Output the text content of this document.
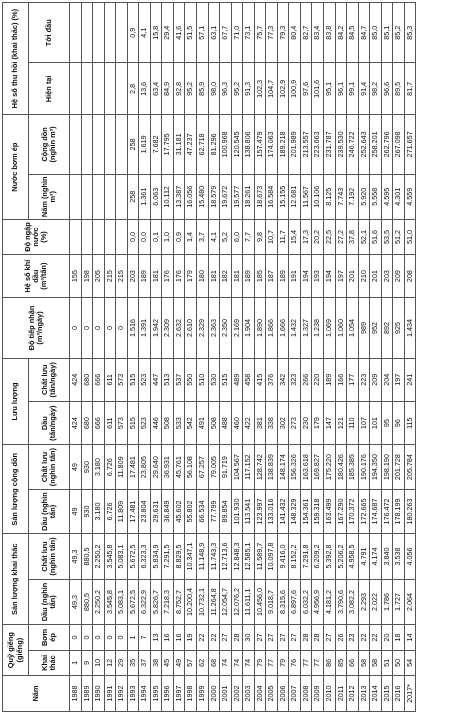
Năm	Quỹ giếng (giếng)		Sản lượng khai thác		Sản lượng cộng dồn		Lưu lượng		Độ tiếp nhận (m³/ngày)	Hệ số khí dầu (m³/tấn)	Độ ngập nước (%)	Nước bơm ép		Hệ số thu hồi (khai thác) (%)	
														Hiện tại	Tới đầu
	Khai thác	Bơm ép	Dầu (nghìn tấn)	Chất lưu (nghìn tấn)	Dầu (nghìn tấn)	Chất lưu (nghìn tấn)	Dầu (tấn/ngày)	Chất lưu (tấn/ngày)				Năm (nghìn m³)	Cộng dồn (nghìn m³)		
1988	1	0	49,3	49,3	49	49	424	424	0	155					
1989	9	0	880,5	880,5	930	930	680	680	0	198					
1990	10	0	2.250,2	2.250,2	3.180	3.180	666	666	0	205					
1991	12	0	3.545,8	3.545,8	6.726	6.726	611	611	0	215					
1992	29	0	5.083,1	5.083,1	11.809	11.809	573	573	0	215					
1993	35	1	5.672,5	5.672,5	17.481	17.481	515	515	1.516	203	0,0	258	258	2,8	0,9
1994	37	7	6.322,9	6.323,3	23.804	23.805	523	523	1.391	189	0,0	1.361	1.619	13,6	4,1
1995	38	13	5.826,7	5.834,9	29.631	29.640	446	447	1.942	181	0,1	6.063	7.682	63,4	15,8
1996	45	16	7.218,3	7.291,5	36.849	36.931	508	513	2.309	176	1,0	10.112	17.795	84,9	29,4
1997	49	16	8.752,7	8.829,5	45.602	45.761	533	537	2.632	176	0,9	13.387	31.181	92,8	41,6
1998	57	19	10.200,4	10.347,1	55.802	56.108	542	550	2.610	179	1,4	16.056	47.237	95,2	51,5
1999	62	22	10.732,1	11.148,9	66.534	67.257	491	510	2.329	180	3,7	15.480	62.718	85,9	57,1
2000	68	22	11.264,8	11.743,3	77.799	79.005	508	530	2.363	181	4,1	18.579	81.296	98,0	63,1
2001	74	27	12.054,7	12.713,6	89.854	91.719	488	515	2.350	182	5,2	19.672	100.968	96,3	67,7
2002	74	28	12.076,2	12.848,3	101.930	104.567	460	489	2.169	181	6,0	19.577	120.545	95,2	71,0
2003	74	30	11.611,1	12.585,1	113.541	117.152	422	458	1.904	189	7,7	18.261	138.806	91,3	73,1
2004	79	27	10.456,0	11.589,7	123.997	128.742	381	415	1.890	185	9,8	18.673	157.479	102,3	75,7
2005	77	27	9.018,7	10.097,8	133.016	138.839	338	376	1.866	187	10,7	16.584	174.063	104,7	77,3
2006	79	27	8.315,6	9.416,0	141.432	148.174	302	342	1.666	189	11,7	15.155	189.218	102,9	79,3
2007	76	27	6.897,6	8.152,2	148.329	156.326	273	323	1.432	191	15,4	12.681	201.989	100,9	80,4
2008	77	28	6.032,2	7.291,8	154.361	163.618	230	266	1.327	194	17,3	11.567	213.557	97,6	82,7
2009	77	28	4.956,9	6.209,2	159.318	169.827	179	220	1.238	193	20,2	10.106	223.663	101,6	83,4
2010	86	27	4.181,2	5.392,8	163.499	175.220	147	189	1.069	194	22,5	8.125	231.787	95,1	83,8
2011	85	26	3.790,6	5.206,2	167.290	180.426	121	166	1.060	197	27,2	7.743	239.530	96,1	84,2
2012	66	23	3.082,2	4.958,5	170.372	185.385	110	177	1.054	201	37,8	7.192	246.722	99,1	84,5
2013	58	22	2.293	4.791	172.665	190.176	107	223	989	210	52,1	5.920	252.643	91,4	84,7
2014	58	22	2.022	4.174	174.687	194.350	101	209	952	201	51,6	5.558	258.201	98,2	85,0
2015	51	20	1.786	3.840	176.472	198.190	95	204	892	203	53,5	4.595	262.796	96,6	85,1
2016	50	18	1.727	3.538	178.199	201.728	96	197	925	209	51,2	4.301	267.098	89,5	85,2
2017*	54	14	2.064	4.056	180.263	205.784	115	241	1.434	208	51,0	4.559	271.657	81,7	85,3
